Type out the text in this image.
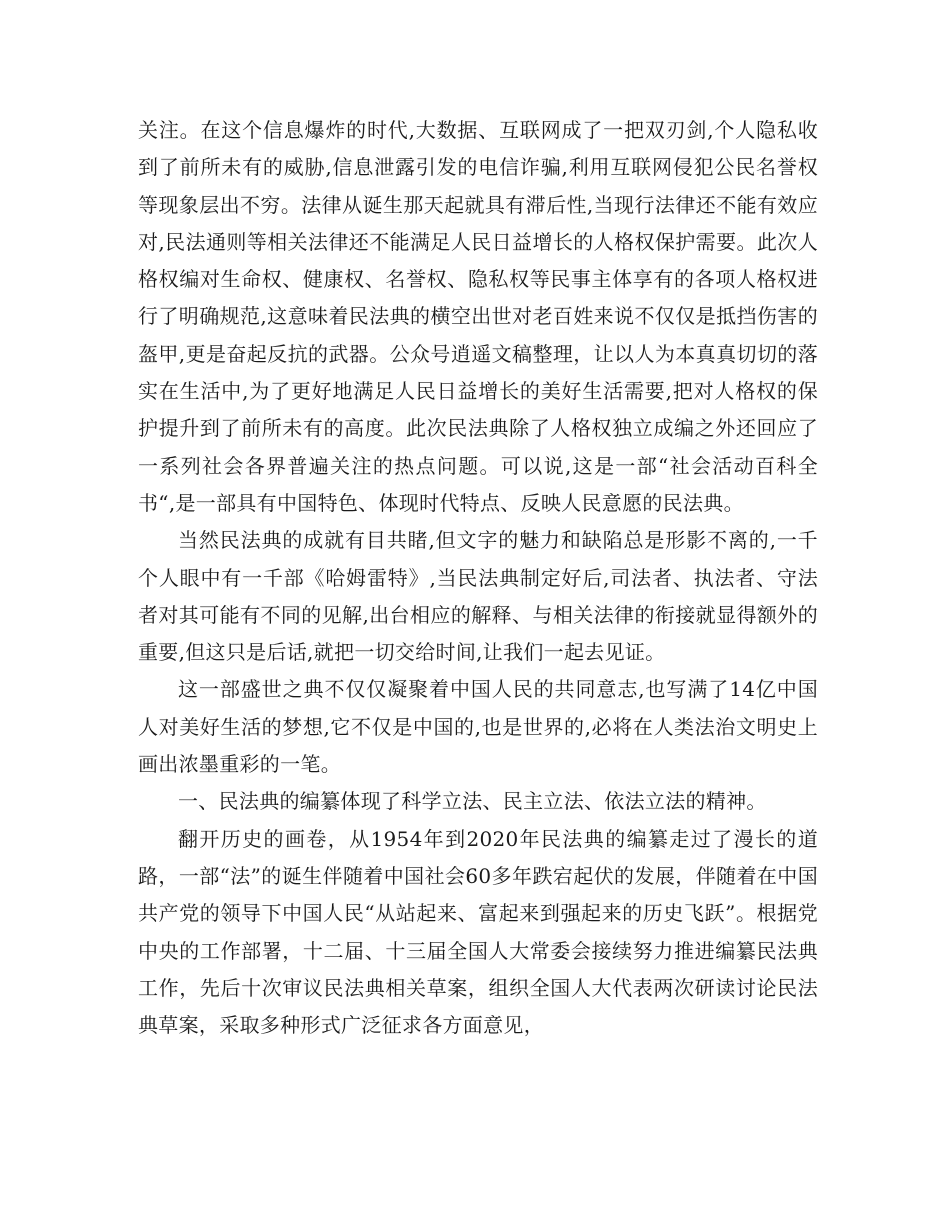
关注。在这个信息爆炸的时代,大数据、互联网成了一把双刃剑,个人隐私收到了前所未有的威胁,信息泄露引发的电信诈骗,利用互联网侵犯公民名誉权等现象层出不穷。法律从诞生那天起就具有滞后性,当现行法律还不能有效应对,民法通则等相关法律还不能满足人民日益增长的人格权保护需要。此次人格权编对生命权、健康权、名誉权、隐私权等民事主体享有的各项人格权进行了明确规范,这意味着民法典的横空出世对老百姓来说不仅仅是抵挡伤害的盔甲,更是奋起反抗的武器。公众号逍遥文稿整理，让以人为本真真切切的落实在生活中,为了更好地满足人民日益增长的美好生活需要,把对人格权的保护提升到了前所未有的高度。此次民法典除了人格权独立成编之外还回应了一系列社会各界普遍关注的热点问题。可以说,这是一部“社会活动百科全书“,是一部具有中国特色、体现时代特点、反映人民意愿的民法典。

当然民法典的成就有目共睹,但文字的魅力和缺陷总是形影不离的,一千个人眼中有一千部《哈姆雷特》,当民法典制定好后,司法者、执法者、守法者对其可能有不同的见解,出台相应的解释、与相关法律的衔接就显得额外的重要,但这只是后话,就把一切交给时间,让我们一起去见证。

这一部盛世之典不仅仅凝聚着中国人民的共同意志,也写满了14亿中国人对美好生活的梦想,它不仅是中国的,也是世界的,必将在人类法治文明史上画出浓墨重彩的一笔。

一、民法典的编纂体现了科学立法、民主立法、依法立法的精神。

翻开历史的画卷，从1954年到2020年民法典的编纂走过了漫长的道路，一部“法”的诞生伴随着中国社会60多年跌宕起伏的发展，伴随着在中国共产党的领导下中国人民“从站起来、富起来到强起来的历史飞跃”。根据党中央的工作部署，十二届、十三届全国人大常委会接续努力推进编纂民法典工作，先后十次审议民法典相关草案，组织全国人大代表两次研读讨论民法典草案，采取多种形式广泛征求各方面意见，
